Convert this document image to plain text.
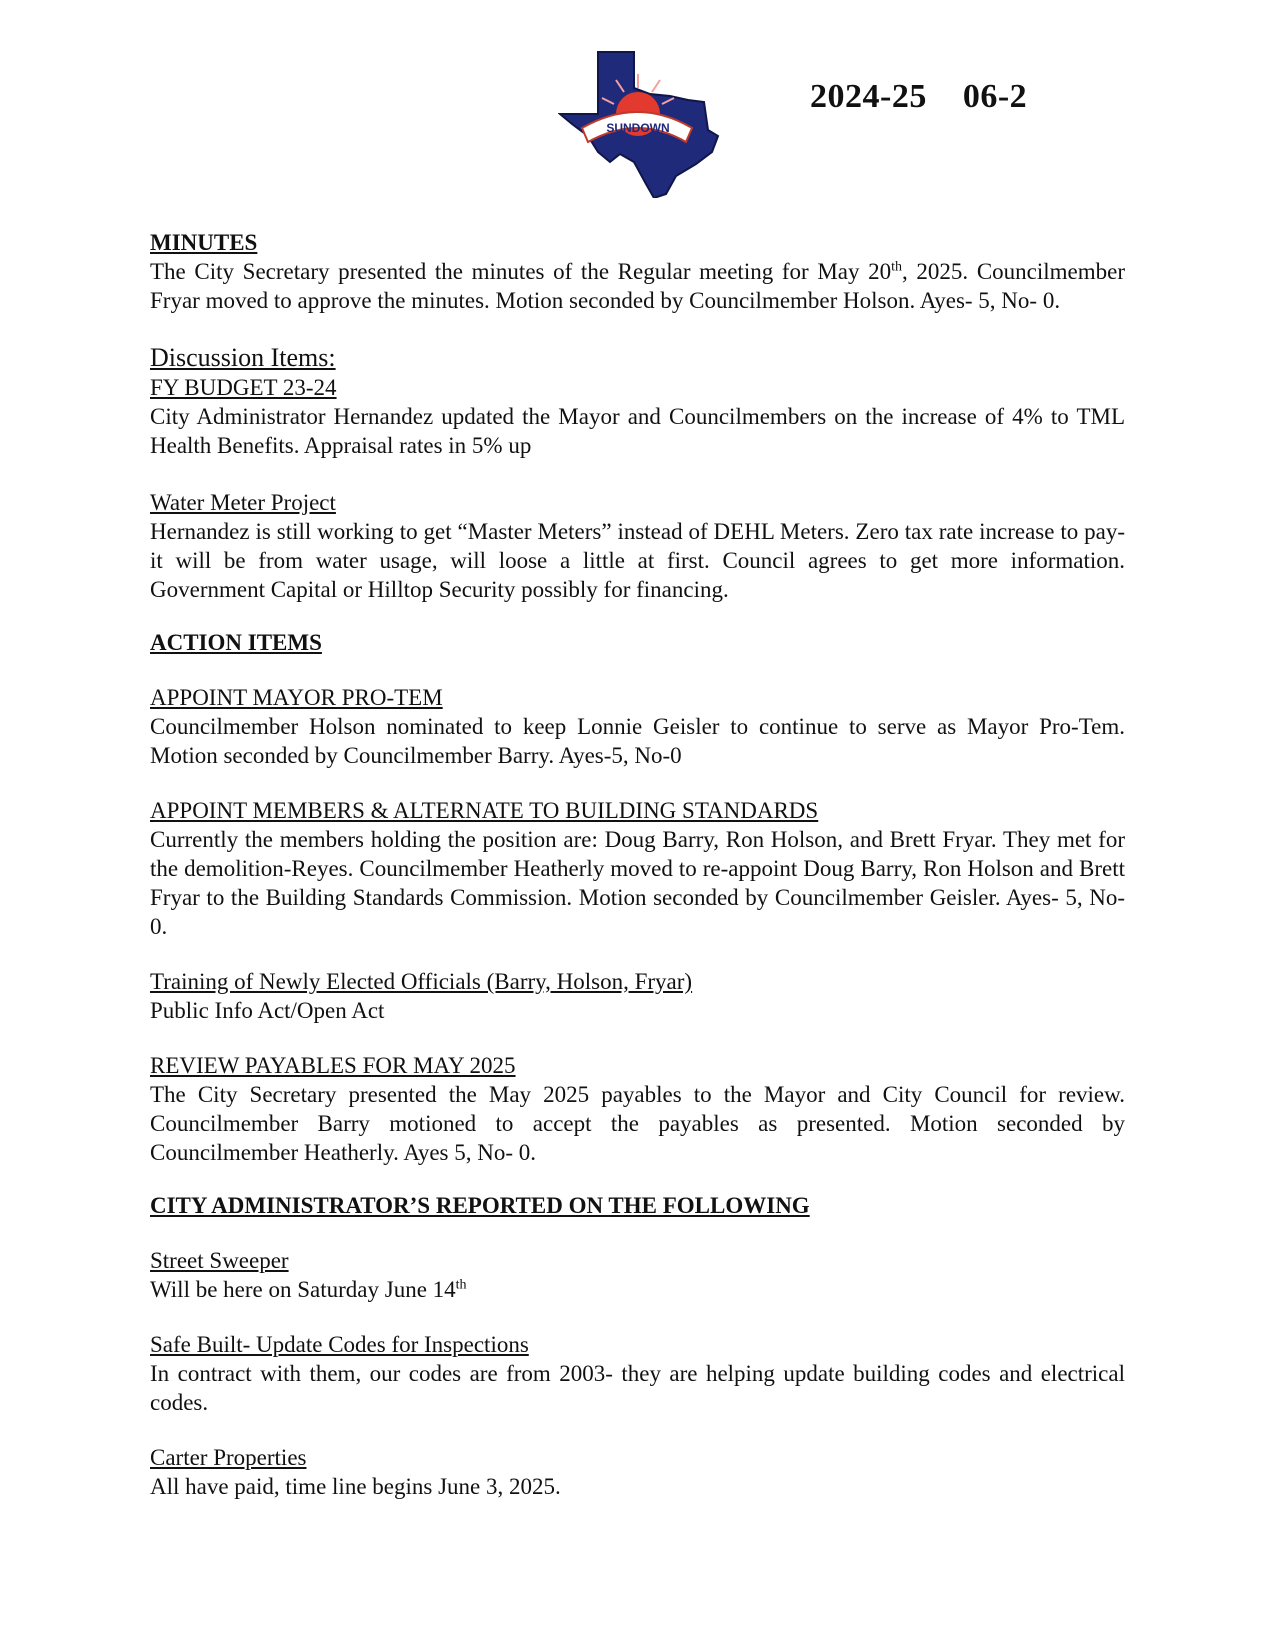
SUNDOWN
2024-25 06-2
MINUTES

The City Secretary presented the minutes of the Regular meeting for May 20th, 2025. Councilmember Fryar moved to approve the minutes. Motion seconded by Councilmember Holson. Ayes- 5, No- 0.

Discussion Items:
FY BUDGET 23-24

City Administrator Hernandez updated the Mayor and Councilmembers on the increase of 4% to TML Health Benefits. Appraisal rates in 5% up

Water Meter Project

Hernandez is still working to get “Master Meters” instead of DEHL Meters. Zero tax rate increase to pay-it will be from water usage, will loose a little at first. Council agrees to get more information. Government Capital or Hilltop Security possibly for financing.

ACTION ITEMS
APPOINT MAYOR PRO-TEM

Councilmember Holson nominated to keep Lonnie Geisler to continue to serve as Mayor Pro-Tem. Motion seconded by Councilmember Barry. Ayes-5, No-0

APPOINT MEMBERS & ALTERNATE TO BUILDING STANDARDS

Currently the members holding the position are: Doug Barry, Ron Holson, and Brett Fryar. They met for the demolition-Reyes. Councilmember Heatherly moved to re-appoint Doug Barry, Ron Holson and Brett Fryar to the Building Standards Commission. Motion seconded by Councilmember Geisler. Ayes- 5, No- 0.

Training of Newly Elected Officials (Barry, Holson, Fryar)

Public Info Act/Open Act

REVIEW PAYABLES FOR MAY 2025

The City Secretary presented the May 2025 payables to the Mayor and City Council for review. Councilmember Barry motioned to accept the payables as presented. Motion seconded by Councilmember Heatherly. Ayes 5, No- 0.

CITY ADMINISTRATOR’S REPORTED ON THE FOLLOWING
Street Sweeper

Will be here on Saturday June 14th

Safe Built- Update Codes for Inspections

In contract with them, our codes are from 2003- they are helping update building codes and electrical codes.

Carter Properties

All have paid, time line begins June 3, 2025.
